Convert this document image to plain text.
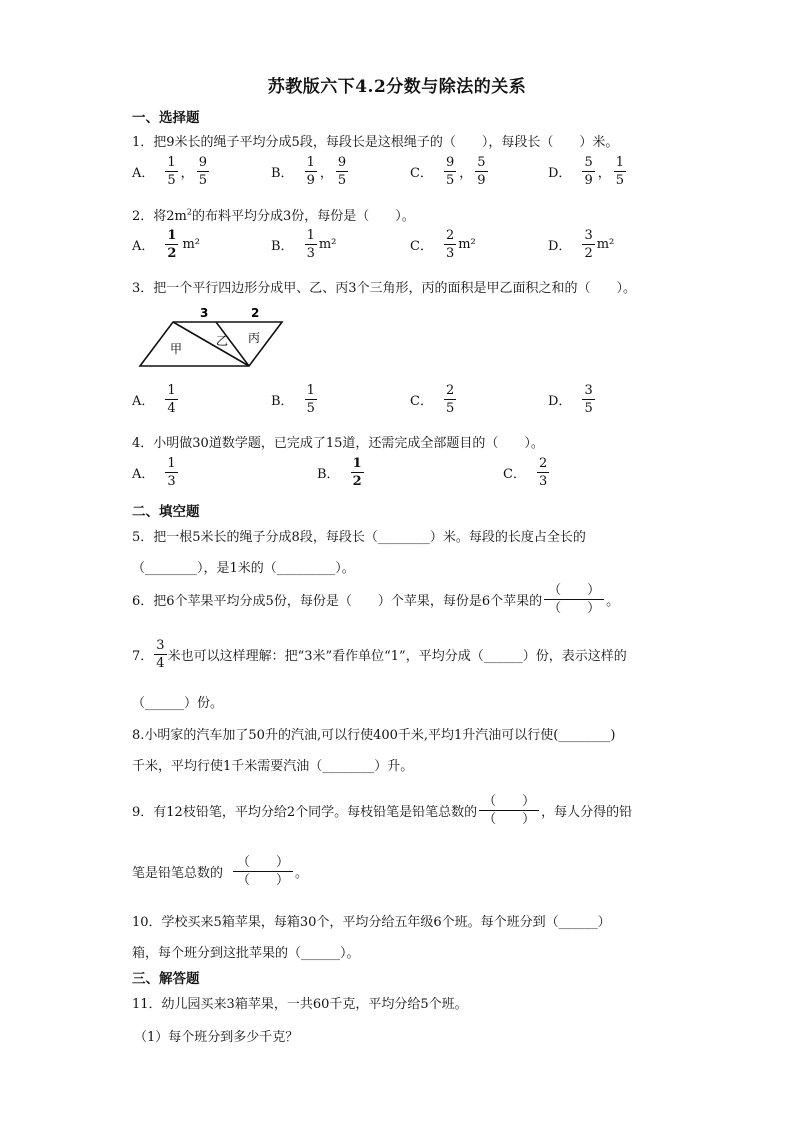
苏教版六下4.2分数与除法的关系
一、选择题
1．把9米长的绳子平均分成5段，每段长是这根绳子的（　　），每段长（　　）米。
A． $\frac{1}{5}$ ， $\frac{9}{5}$	B． $\frac{1}{9}$ ， $\frac{9}{5}$	C． $\frac{9}{5}$ ， $\frac{5}{9}$	D． $\frac{5}{9}$ ， $\frac{1}{5}$
2．将$2m^2$的布料平均分成3份，每份是（　　）。
A． $\frac{1}{2} m^2$	B． $\frac{1}{3} m^2$	C． $\frac{2}{3} m^2$	D． $\frac{3}{2} m^2$
3．把一个平行四边形分成甲、乙、丙3个三角形，丙的面积是甲乙面积之和的（　　）。
3	2
甲
乙 丙
A． $\frac{1}{4}$	B． $\frac{1}{5}$	C． $\frac{2}{5}$	D． $\frac{3}{5}$
4．小明做30道数学题，已完成了15道，还需完成全部题目的（　　）。
A． $\frac{1}{3}$	B． $\frac{1}{2}$	C． $\frac{2}{3}$
二、填空题
5．把一根5米长的绳子分成8段，每段长（________）米。每段的长度占全长的
（________），是1米的（_________）。
6．把6个苹果平均分成5份，每份是（　　）个苹果，每份是6个苹果的
（　　）
（　　） 。
7． $\frac{3}{4}$ 米也可以这样理解：把“3米”看作单位“1”，平均分成（______）份，表示这样的
（______）份。
8.小明家的汽车加了50升的汽油,可以行使400千米,平均1升汽油可以行使(________)
千米，平均行使1千米需要汽油（________）升。
9．有12枝铅笔，平均分给2个同学。每枝铅笔是铅笔总数的
（　　）
（　　） ，每人分得的铅
笔是铅笔总数的
（　　）
（　　） 。
10．学校买来5箱苹果，每箱30个，平均分给五年级6个班。每个班分到（______）
箱，每个班分到这批苹果的（______）。
三、解答题
11．幼儿园买来3箱苹果，一共60千克，平均分给5个班。
（1）每个班分到多少千克？
